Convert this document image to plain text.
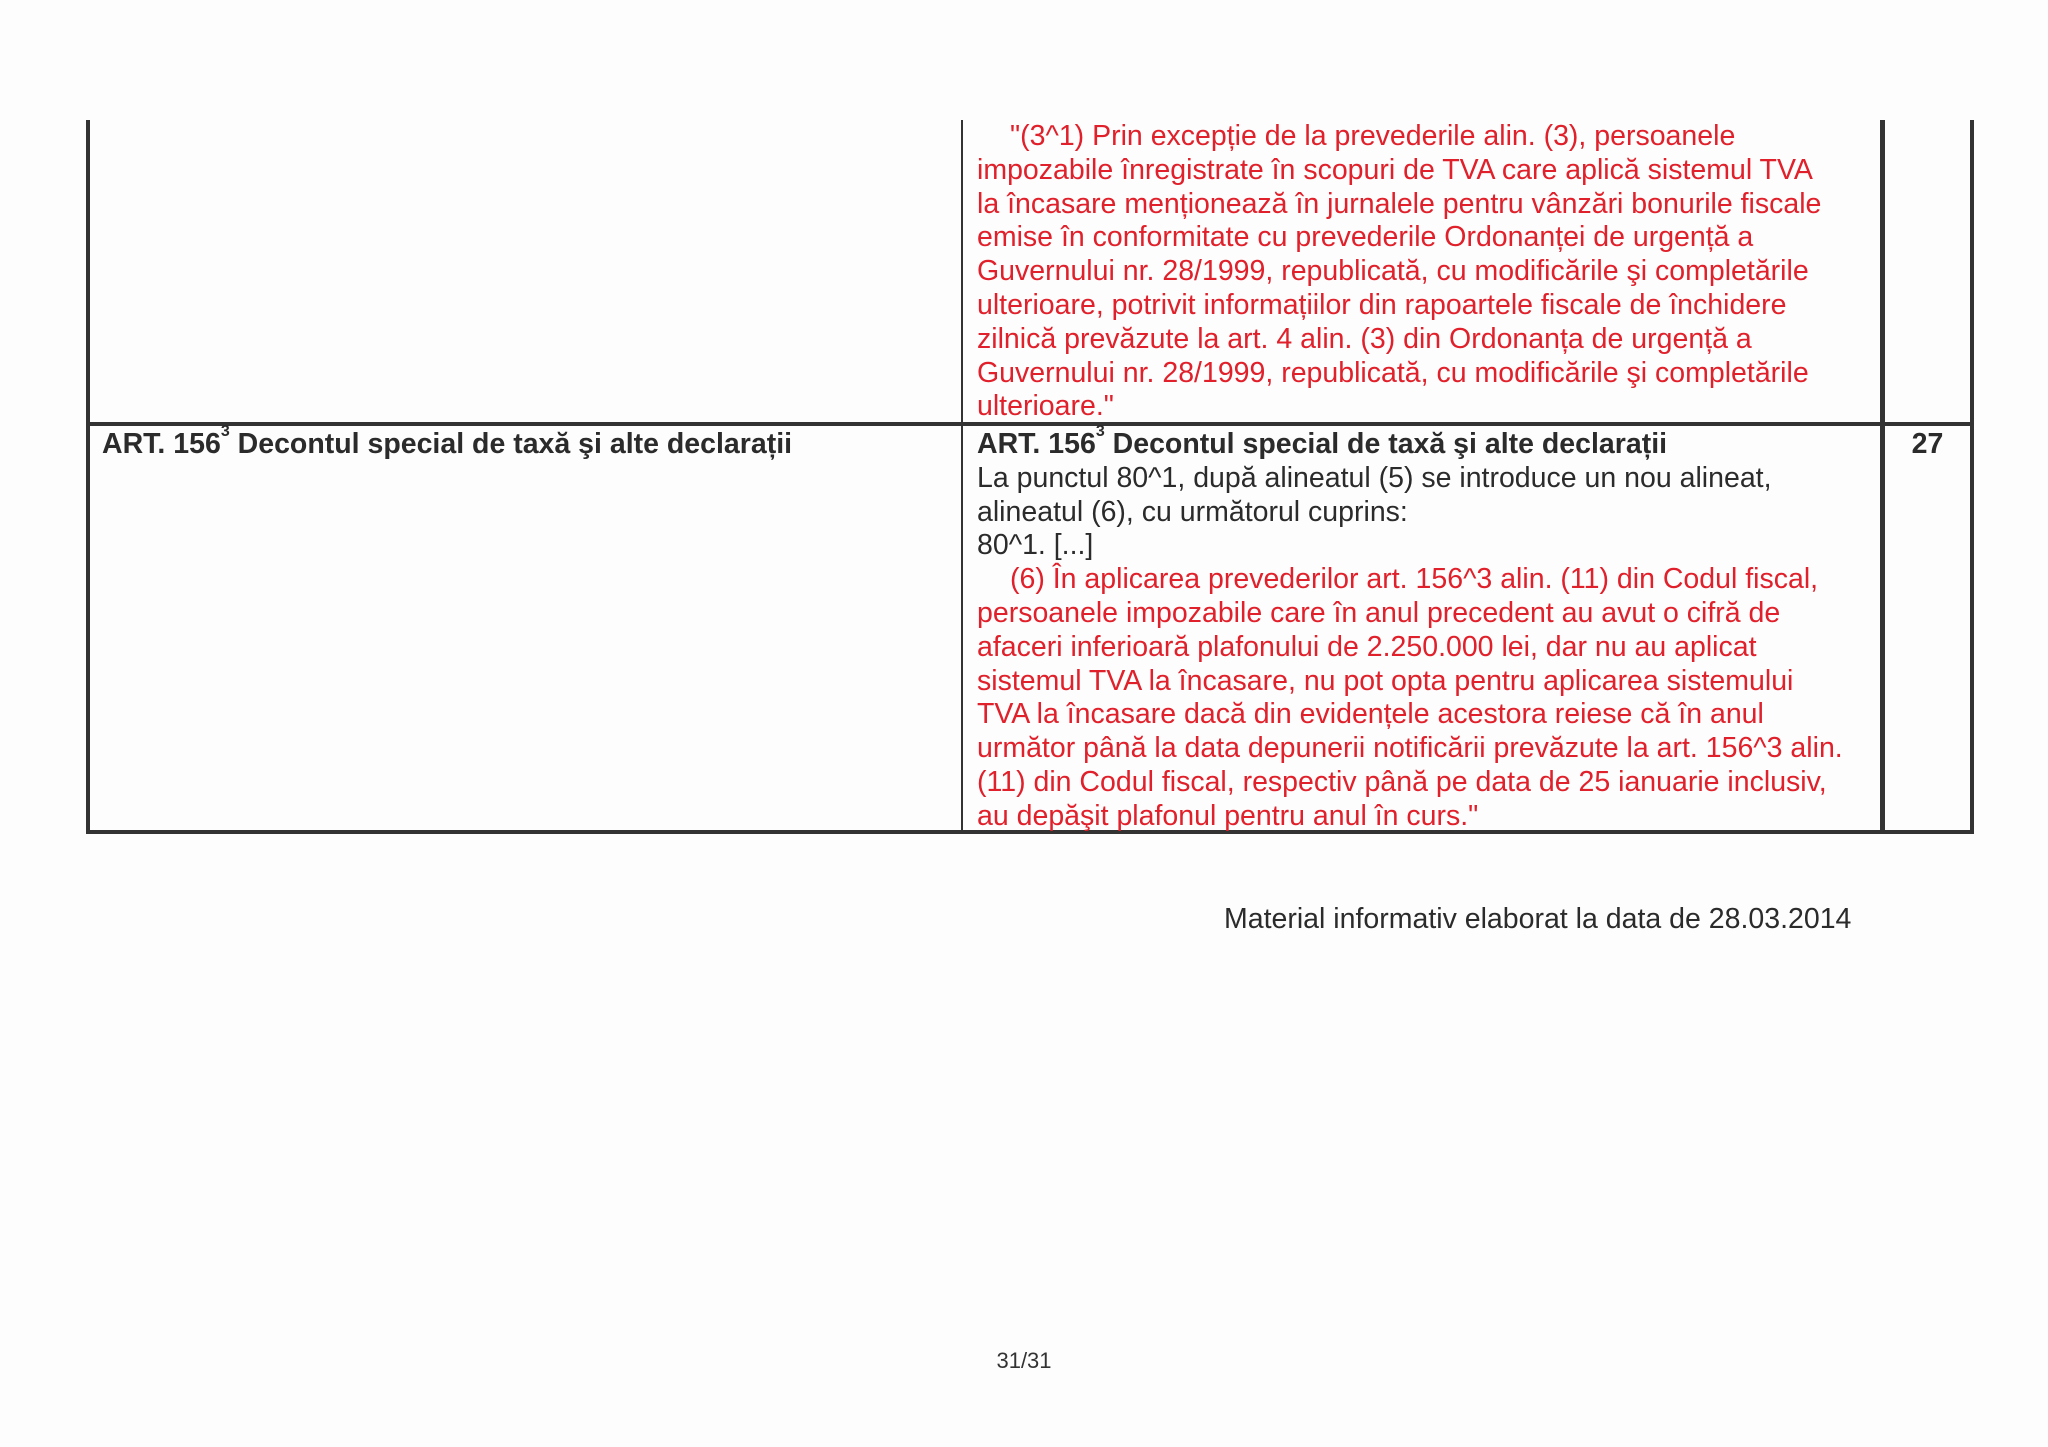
"(3^1) Prin excepție de la prevederile alin. (3), persoanele
impozabile înregistrate în scopuri de TVA care aplică sistemul TVA
la încasare menționează în jurnalele pentru vânzări bonurile fiscale
emise în conformitate cu prevederile Ordonanței de urgență a
Guvernului nr. 28/1999, republicată, cu modificările şi completările
ulterioare, potrivit informațiilor din rapoartele fiscale de închidere
zilnică prevăzute la art. 4 alin. (3) din Ordonanța de urgență a
Guvernului nr. 28/1999, republicată, cu modificările şi completările
ulterioare."
ART. $156^3$ Decontul special de taxă şi alte declarații	ART. $156^3$ Decontul special de taxă şi alte declarații
La punctul 80^1, după alineatul (5) se introduce un nou alineat,
alineatul (6), cu următorul cuprins:
80^1. [...]
(6) În aplicarea prevederilor art. 156^3 alin. (11) din Codul fiscal,
persoanele impozabile care în anul precedent au avut o cifră de
afaceri inferioară plafonului de 2.250.000 lei, dar nu au aplicat
sistemul TVA la încasare, nu pot opta pentru aplicarea sistemului
TVA la încasare dacă din evidențele acestora reiese că în anul
următor până la data depunerii notificării prevăzute la art. 156^3 alin.
(11) din Codul fiscal, respectiv până pe data de 25 ianuarie inclusiv,
au depăşit plafonul pentru anul în curs."
27
Material informativ elaborat la data de 28.03.2014
31/31
